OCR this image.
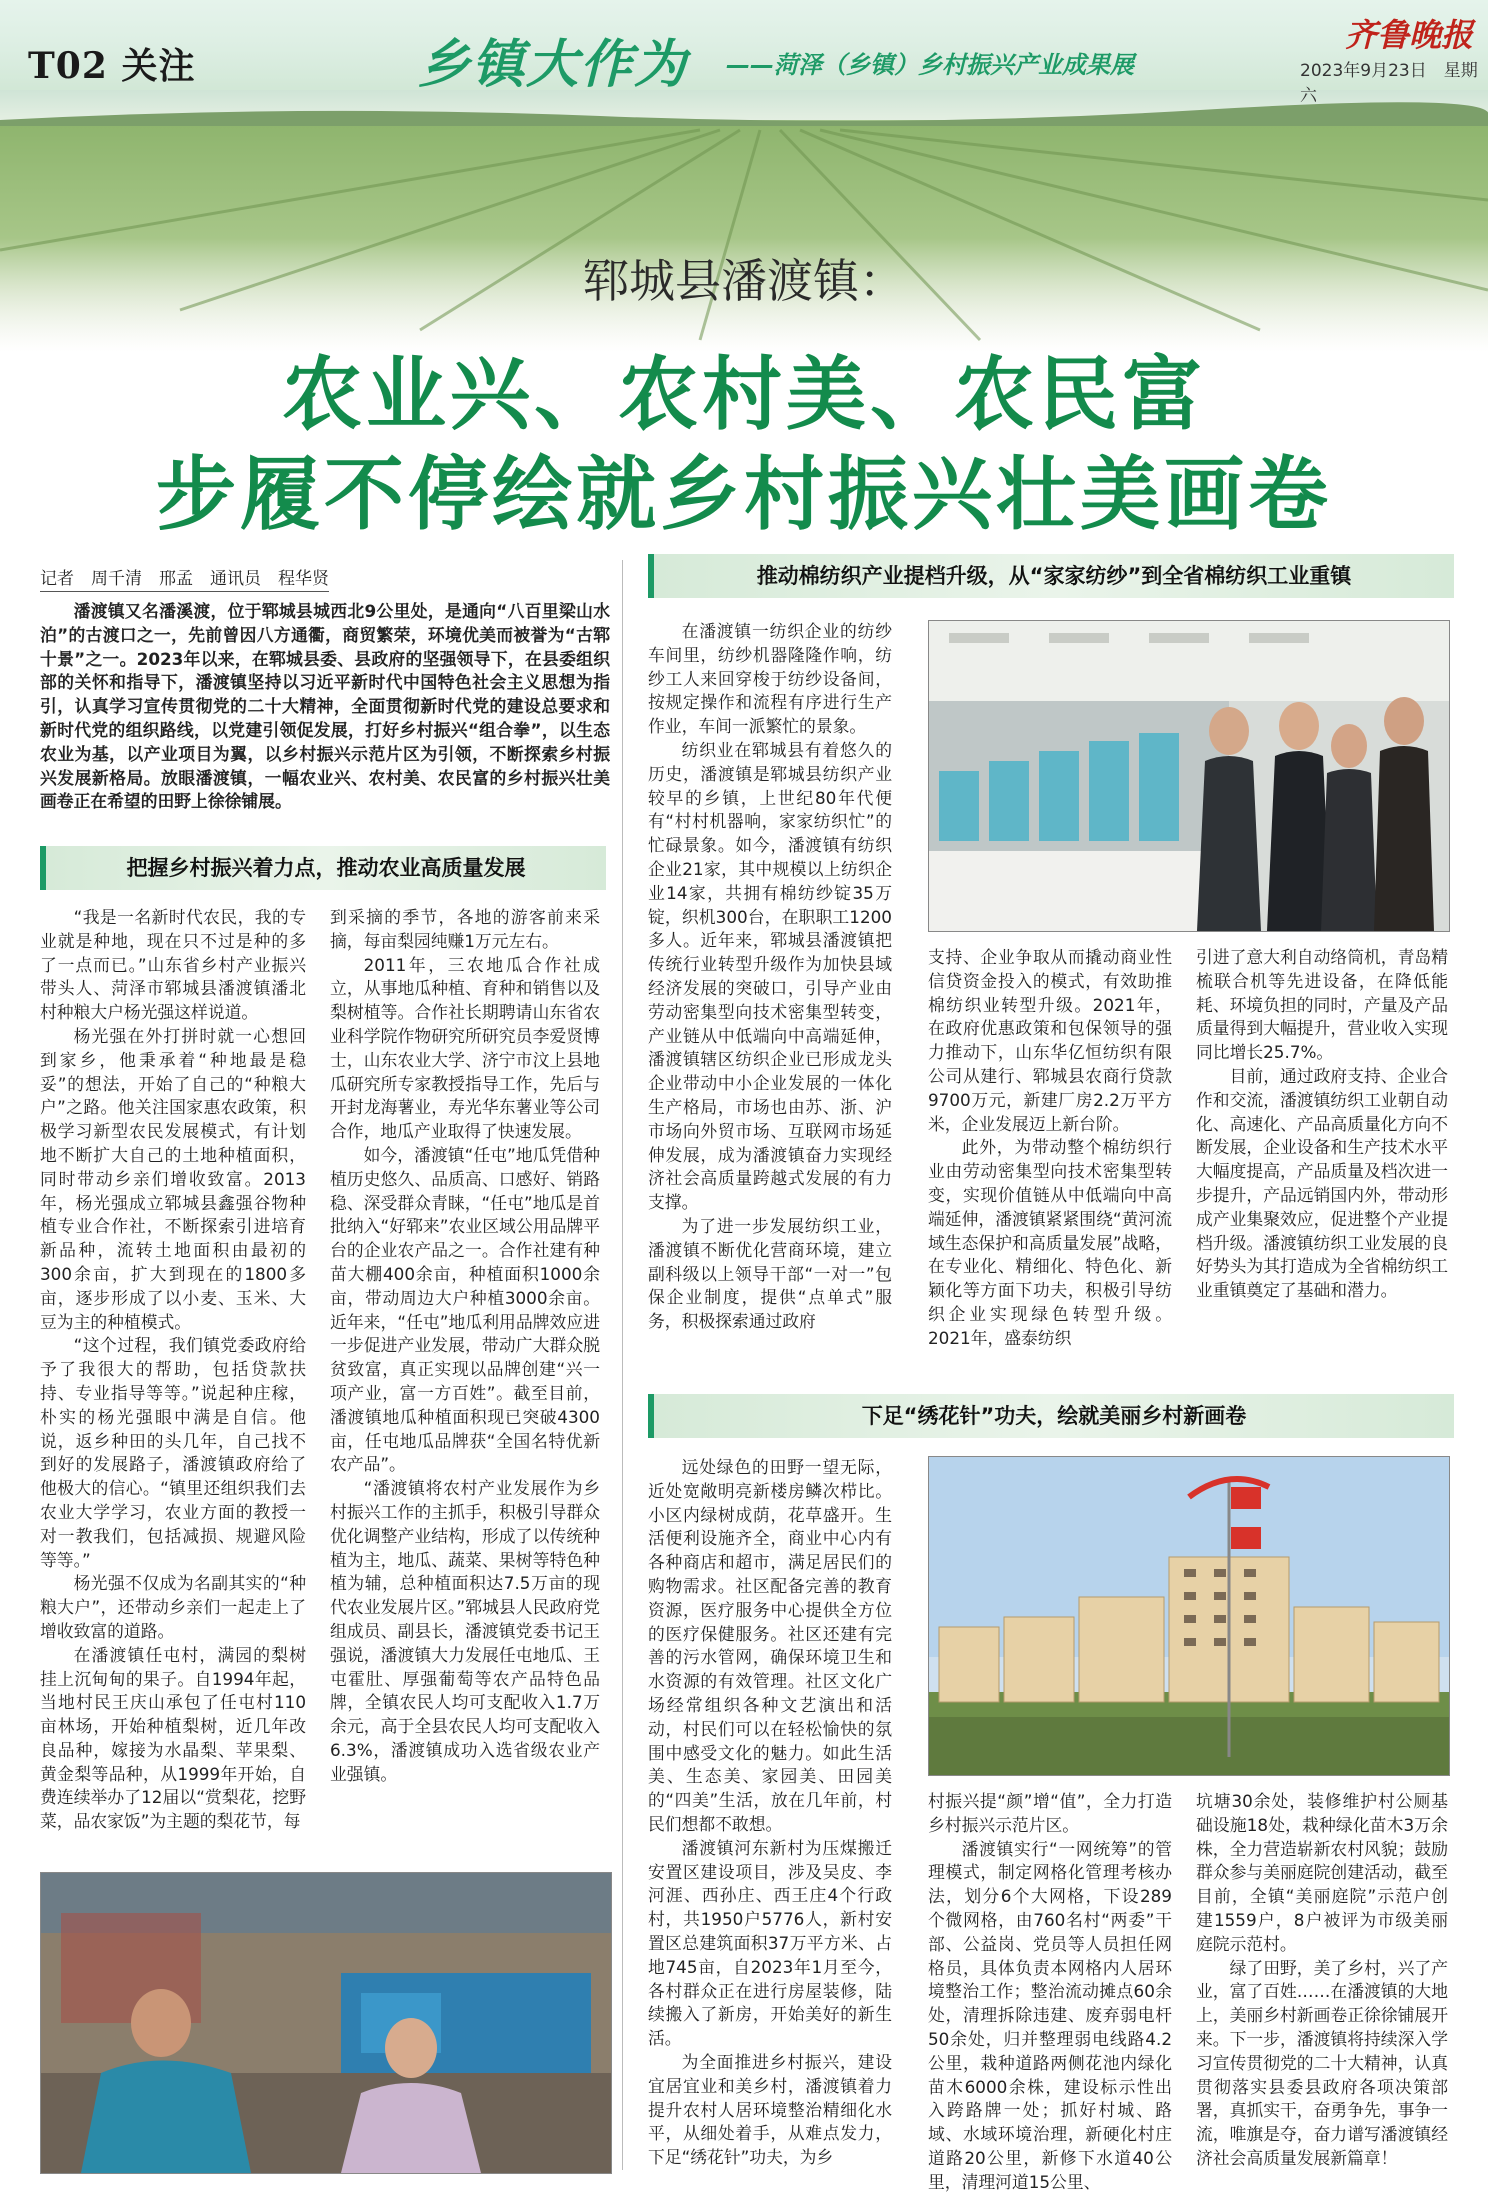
T02 关注	乡镇大作为 ——菏泽（乡镇）乡村振兴产业成果展
齐鲁晚报
2023年9月23日　星期六
郓城县潘渡镇：
农业兴、农村美、农民富
步履不停绘就乡村振兴壮美画卷
记者　周千清　邢孟　通讯员　程华贤

潘渡镇又名潘溪渡，位于郓城县城西北9公里处，是通向“八百里梁山水泊”的古渡口之一，先前曾因八方通衢，商贸繁荣，环境优美而被誉为“古郓十景”之一。2023年以来，在郓城县委、县政府的坚强领导下，在县委组织部的关怀和指导下，潘渡镇坚持以习近平新时代中国特色社会主义思想为指引，认真学习宣传贯彻党的二十大精神，全面贯彻新时代党的建设总要求和新时代党的组织路线，以党建引领促发展，打好乡村振兴“组合拳”，以生态农业为基，以产业项目为翼，以乡村振兴示范片区为引领，不断探索乡村振兴发展新格局。放眼潘渡镇，一幅农业兴、农村美、农民富的乡村振兴壮美画卷正在希望的田野上徐徐铺展。

把握乡村振兴着力点，推动农业高质量发展

“我是一名新时代农民，我的专业就是种地，现在只不过是种的多了一点而已。”山东省乡村产业振兴带头人、菏泽市郓城县潘渡镇潘北村种粮大户杨光强这样说道。

杨光强在外打拼时就一心想回到家乡，他秉承着“种地最是稳妥”的想法，开始了自己的“种粮大户”之路。他关注国家惠农政策，积极学习新型农民发展模式，有计划地不断扩大自己的土地种植面积，同时带动乡亲们增收致富。2013年，杨光强成立郓城县鑫强谷物种植专业合作社，不断探索引进培育新品种，流转土地面积由最初的300余亩，扩大到现在的1800多亩，逐步形成了以小麦、玉米、大豆为主的种植模式。

“这个过程，我们镇党委政府给予了我很大的帮助，包括贷款扶持、专业指导等等。”说起种庄稼，朴实的杨光强眼中满是自信。他说，返乡种田的头几年，自己找不到好的发展路子，潘渡镇政府给了他极大的信心。“镇里还组织我们去农业大学学习，农业方面的教授一对一教我们，包括减损、规避风险等等。”

杨光强不仅成为名副其实的“种粮大户”，还带动乡亲们一起走上了增收致富的道路。

在潘渡镇任屯村，满园的梨树挂上沉甸甸的果子。自1994年起，当地村民王庆山承包了任屯村110亩林场，开始种植梨树，近几年改良品种，嫁接为水晶梨、苹果梨、黄金梨等品种，从1999年开始，自费连续举办了12届以“赏梨花，挖野菜，品农家饭”为主题的梨花节，每

到采摘的季节，各地的游客前来采摘，每亩梨园纯赚1万元左右。

2011年，三农地瓜合作社成立，从事地瓜种植、育种和销售以及梨树植等。合作社长期聘请山东省农业科学院作物研究所研究员李爱贤博士，山东农业大学、济宁市汶上县地瓜研究所专家教授指导工作，先后与开封龙海薯业，寿光华东薯业等公司合作，地瓜产业取得了快速发展。

如今，潘渡镇“任屯”地瓜凭借种植历史悠久、品质高、口感好、销路稳、深受群众青睐，“任屯”地瓜是首批纳入“好郓来”农业区域公用品牌平台的企业农产品之一。合作社建有种苗大棚400余亩，种植面积1000余亩，带动周边大户种植3000余亩。近年来，“任屯”地瓜利用品牌效应进一步促进产业发展，带动广大群众脱贫致富，真正实现以品牌创建“兴一项产业，富一方百姓”。截至目前，潘渡镇地瓜种植面积现已突破4300亩，任屯地瓜品牌获“全国名特优新农产品”。

“潘渡镇将农村产业发展作为乡村振兴工作的主抓手，积极引导群众优化调整产业结构，形成了以传统种植为主，地瓜、蔬菜、果树等特色种植为辅，总种植面积达7.5万亩的现代农业发展片区。”郓城县人民政府党组成员、副县长，潘渡镇党委书记王强说，潘渡镇大力发展任屯地瓜、王屯霍肚、厚强葡萄等农产品特色品牌，全镇农民人均可支配收入1.7万余元，高于全县农民人均可支配收入6.3%，潘渡镇成功入选省级农业产业强镇。

推动棉纺织产业提档升级，从“家家纺纱”到全省棉纺织工业重镇

在潘渡镇一纺织企业的纺纱车间里，纺纱机器隆隆作响，纺纱工人来回穿梭于纺纱设备间，按规定操作和流程有序进行生产作业，车间一派繁忙的景象。

纺织业在郓城县有着悠久的历史，潘渡镇是郓城县纺织产业较早的乡镇，上世纪80年代便有“村村机器响，家家纺织忙”的忙碌景象。如今，潘渡镇有纺织企业21家，其中规模以上纺织企业14家，共拥有棉纺纱锭35万锭，织机300台，在职职工1200多人。近年来，郓城县潘渡镇把传统行业转型升级作为加快县域经济发展的突破口，引导产业由劳动密集型向技术密集型转变，产业链从中低端向中高端延伸，潘渡镇辖区纺织企业已形成龙头企业带动中小企业发展的一体化生产格局，市场也由苏、浙、沪市场向外贸市场、互联网市场延伸发展，成为潘渡镇奋力实现经济社会高质量跨越式发展的有力支撑。

为了进一步发展纺织工业，潘渡镇不断优化营商环境，建立副科级以上领导干部“一对一”包保企业制度，提供“点单式”服务，积极探索通过政府

支持、企业争取从而撬动商业性信贷资金投入的模式，有效助推棉纺织业转型升级。2021年，在政府优惠政策和包保领导的强力推动下，山东华亿恒纺织有限公司从建行、郓城县农商行贷款9700万元，新建厂房2.2万平方米，企业发展迈上新台阶。

此外，为带动整个棉纺织行业由劳动密集型向技术密集型转变，实现价值链从中低端向中高端延伸，潘渡镇紧紧围绕“黄河流域生态保护和高质量发展”战略，在专业化、精细化、特色化、新颖化等方面下功夫，积极引导纺织企业实现绿色转型升级。2021年，盛泰纺织

引进了意大利自动络筒机，青岛精梳联合机等先进设备，在降低能耗、环境负担的同时，产量及产品质量得到大幅提升，营业收入实现同比增长25.7%。

目前，通过政府支持、企业合作和交流，潘渡镇纺织工业朝自动化、高速化、产品高质量化方向不断发展，企业设备和生产技术水平大幅度提高，产品质量及档次进一步提升，产品远销国内外，带动形成产业集聚效应，促进整个产业提档升级。潘渡镇纺织工业发展的良好势头为其打造成为全省棉纺织工业重镇奠定了基础和潜力。

下足“绣花针”功夫，绘就美丽乡村新画卷

远处绿色的田野一望无际，近处宽敞明亮新楼房鳞次栉比。小区内绿树成荫，花草盛开。生活便利设施齐全，商业中心内有各种商店和超市，满足居民们的购物需求。社区配备完善的教育资源，医疗服务中心提供全方位的医疗保健服务。社区还建有完善的污水管网，确保环境卫生和水资源的有效管理。社区文化广场经常组织各种文艺演出和活动，村民们可以在轻松愉快的氛围中感受文化的魅力。如此生活美、生态美、家园美、田园美的“四美”生活，放在几年前，村民们想都不敢想。

潘渡镇河东新村为压煤搬迁安置区建设项目，涉及吴皮、李河涯、西孙庄、西王庄4个行政村，共1950户5776人，新村安置区总建筑面积37万平方米、占地745亩，自2023年1月至今，各村群众正在进行房屋装修，陆续搬入了新房，开始美好的新生活。

为全面推进乡村振兴，建设宜居宜业和美乡村，潘渡镇着力提升农村人居环境整治精细化水平，从细处着手，从难点发力，下足“绣花针”功夫，为乡

村振兴提“颜”增“值”，全力打造乡村振兴示范片区。

潘渡镇实行“一网统筹”的管理模式，制定网格化管理考核办法，划分6个大网格，下设289个微网格，由760名村“两委”干部、公益岗、党员等人员担任网格员，具体负责本网格内人居环境整治工作；整治流动摊点60余处，清理拆除违建、废弃弱电杆50余处，归并整理弱电线路4.2公里，栽种道路两侧花池内绿化苗木6000余株，建设标示性出入跨路牌一处；抓好村城、路域、水域环境治理，新硬化村庄道路20公里，新修下水道40公里，清理河道15公里、

坑塘30余处，装修维护村公厕基础设施18处，栽种绿化苗木3万余株，全力营造崭新农村风貌；鼓励群众参与美丽庭院创建活动，截至目前，全镇“美丽庭院”示范户创建1559户，8户被评为市级美丽庭院示范村。

绿了田野，美了乡村，兴了产业，富了百姓……在潘渡镇的大地上，美丽乡村新画卷正徐徐铺展开来。下一步，潘渡镇将持续深入学习宣传贯彻党的二十大精神，认真贯彻落实县委县政府各项决策部署，真抓实干，奋勇争先，事争一流，唯旗是夺，奋力谱写潘渡镇经济社会高质量发展新篇章！
